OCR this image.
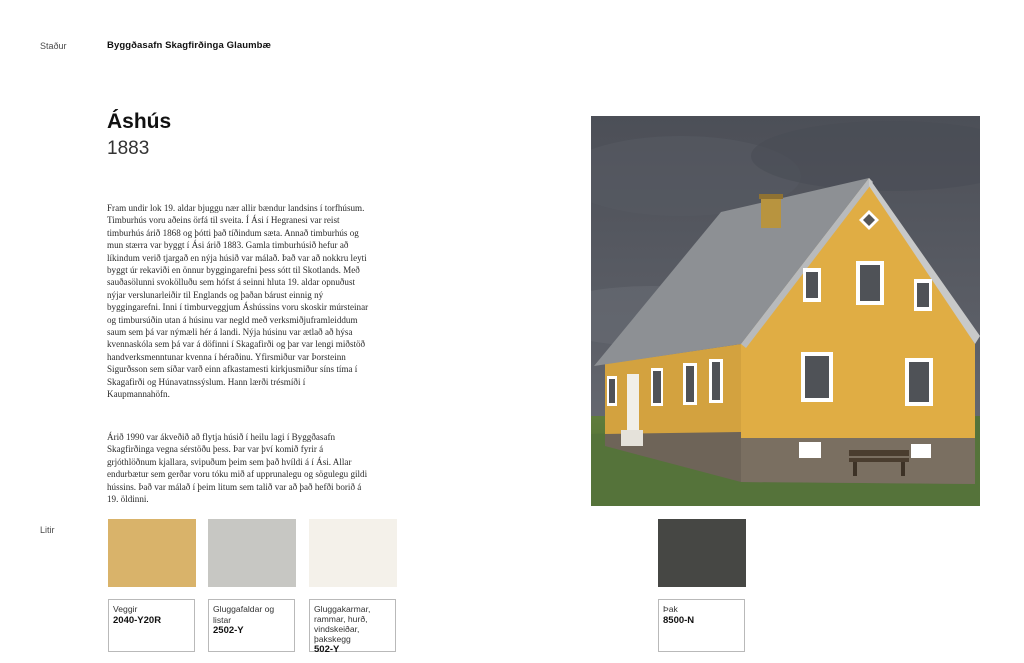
Staður	Byggðasafn Skagfirðinga Glaumbæ
Áshús
1883

Fram undir lok 19. aldar bjuggu nær allir bændur landsins í torfhúsum. Timburhús voru aðeins örfá til sveita. Í Ási í Hegranesi var reist timburhús árið 1868 og þótti það tíðindum sæta. Annað timburhús og mun stærra var byggt í Ási árið 1883. Gamla timburhúsið hefur að líkindum verið tjargað en nýja húsið var málað. Það var að nokkru leyti byggt úr rekaviði en önnur byggingarefni þess sótt til Skotlands. Með sauðasölunni svokölluðu sem hófst á seinni hluta 19. aldar opnuðust nýjar verslunarleiðir til Englands og þaðan bárust einnig ný byggingarefni. Inni í timburveggjum Áshússins voru skoskir múrsteinar og timbursúðin utan á húsinu var negld með verksmiðjuframleiddum saum sem þá var nýmæli hér á landi. Nýja húsinu var ætlað að hýsa kvennaskóla sem þá var á döfinni í Skagafirði og þar var lengi miðstöð handverksmenntunar kvenna í héraðinu. Yfirsmiður var Þorsteinn Sigurðsson sem síðar varð einn afkastamesti kirkjusmiður síns tíma í Skagafirði og Húnavatnssýslum. Hann lærði trésmíði í Kaupmannahöfn.

Árið 1990 var ákveðið að flytja húsið í heilu lagi í Byggðasafn Skagfirðinga vegna sérstöðu þess. Þar var því komið fyrir á grjóthlöðnum kjallara, svipuðum þeim sem það hvíldi á í Ási. Allar endurbætur sem gerðar voru tóku mið af upprunalegu og sögulegu gildi hússins. Það var málað í þeim litum sem talið var að það hefði borið á 19. öldinni.

Litir
Veggir
2040-Y20R
Gluggafaldar og listar
2502-Y
Gluggakarmar, rammar, hurð, vindskeiðar, þakskegg
502-Y
Þak
8500-N
